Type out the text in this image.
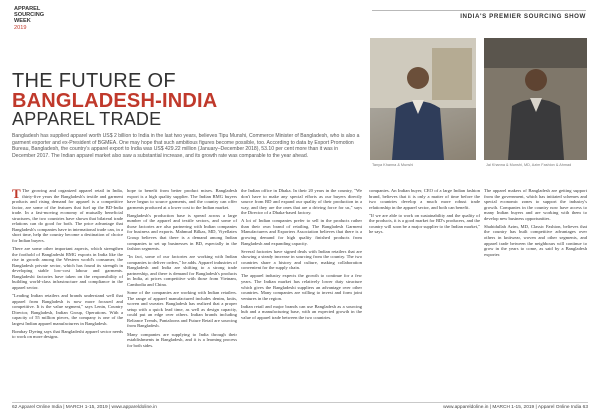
APPAREL
SOURCING
WEEK
2019
INDIA'S PREMIER SOURCING SHOW
THE FUTURE OF
BANGLADESH-INDIA
APPAREL TRADE
Bangladesh has supplied apparel worth US$ 2 billion to India in the last two years, believes Tipu Munshi, Commerce Minister of Bangladesh, who is also a garment exporter and ex-President of BGMEA. One may hope that such ambitious figures become possible, too. According to data by Export Promotion Bureau, Bangladesh, the country's apparel export to India was US$ 429.22 million (January–December 2018), 53.10 per cent more than it was in December 2017. The Indian apparel market also saw a substantial increase, and its growth rate was comparable to the year ahead.

T The growing and organized apparel retail in India, thirty-five years the Bangladesh's textile and garment products and rising demand for apparel is a competitive factor, are some of the features that fuel up the BD-India trade. In a fast-moving economy of mutually beneficial structures, the two countries have shown that bilateral trade relations can do good for both. The price advantage that Bangladesh's companies have in international trade can, in a short time, help the country become a destination of choice for Indian buyers.

There are some other important aspects, which strengthen the foothold of Bangladeshi RMG exports in India like the rise in growth among the Western world's consumer, the Bangladesh private sector, which has found its strength in developing stable low-cost labour and garments. Bangladeshi factories have taken on the responsibility of building world-class infrastructure and compliance in the apparel sector.

"Leading Indian retailers and brands understand well that apparel from Bangladesh is now more focused and competitive. It is the value segment," says Lenin, Country Director, Bangladesh, Indian Group, Operations. With a capacity of 55 million pieces, the company is one of the largest Indian apparel manufacturers in Bangladesh.

Bombay Dyeing says that Bangladeshi apparel sector needs to work on more designs.

hope to benefit from better product mixes. Bangladesh export is a high quality supplier. The Indian RMG buyers have begun to source garments, and the country can offer garments produced at a lower cost to the Indian market.

Bangladesh's production base is spread across a large number of the apparel and textile sectors, and some of those factories are also partnering with Indian companies for business and exports. Mahmud Bilkas, MD, Viyellatex Group believes that there is a demand among Indian companies to set up businesses in BD, especially in the fashion segments.

"In fact, some of our factories are working with Indian companies to deliver orders," he adds. Apparel industries of Bangladesh and India are shifting to a strong trade partnership, and there is demand for Bangladesh's products in India, at prices competitive with those from Vietnam, Cambodia and China.

Some of the companies are working with Indian retailers. The range of apparel manufactured includes denim, knits, woven and sweater. Bangladesh has realized that a proper setup with a quick lead time, as well as design capacity, could put an edge over others. Indian brands including Reliance Trends, Pantaloons and Future Retail are sourcing from Bangladesh.

Many companies are supplying to India through their establishments in Bangladesh, and it is a learning process for both sides.

the Indian office in Dhaka. In their 20 years in the country, "We don't have to make any special efforts as our buyers directly source from BD and expand our quality of their production in a way, and they are the ones that are a driving force for us," says the Director of a Dhaka-based factory.

A lot of Indian companies prefer to sell in the products rather than their own brand of retailing. The Bangladesh Garment Manufacturers and Exporters Association believes that there is a growing demand for high quality finished products from Bangladesh and expanding capacity.

Several factories have signed deals with Indian retailers that are showing a steady increase in sourcing from the country. The two countries share a history and culture, making collaboration convenient for the supply chain.

The apparel industry expects the growth to continue for a few years. The Indian market has relatively lower duty structure which gives the Bangladeshi suppliers an advantage over other countries. Many companies are willing to invest and form joint ventures in the region.

Indian retail and major brands can use Bangladesh as a sourcing hub and a manufacturing base, with an expected growth in the value of apparel trade between the two countries.

Tanya Khanna & Munshi	Jai Khanna & Munshi, MD, Azim Fashion & Ahmad

companies. An Indian buyer, CEO of a large Indian fashion brand, believes that it is only a matter of time before the two countries develop a much more robust trade relationship in the apparel sector, and both can benefit.

"If we are able to work on sustainability and the quality of the products, it is a good market for BD's producers, and the country will soon be a major supplier to the Indian market," he says.

The apparel makers of Bangladesh are getting support from the government, which has initiated schemes and special economic zones to support the industry's growth. Companies in the country now have access to many Indian buyers and are working with them to develop new business opportunities.

Shahidullah Azim, MD, Classic Fashion, believes that the country has built competitive advantages over others in knitwear, woven and other segments, and apparel trade between the neighbours will continue to grow in the years to come, as said by a Bangladesh exporter.

62 Apparel Online India | MARCH 1-15, 2019 | www.appareldoline.in	www.appareldoline.in | MARCH 1-15, 2019 | Apparel Online India 63
